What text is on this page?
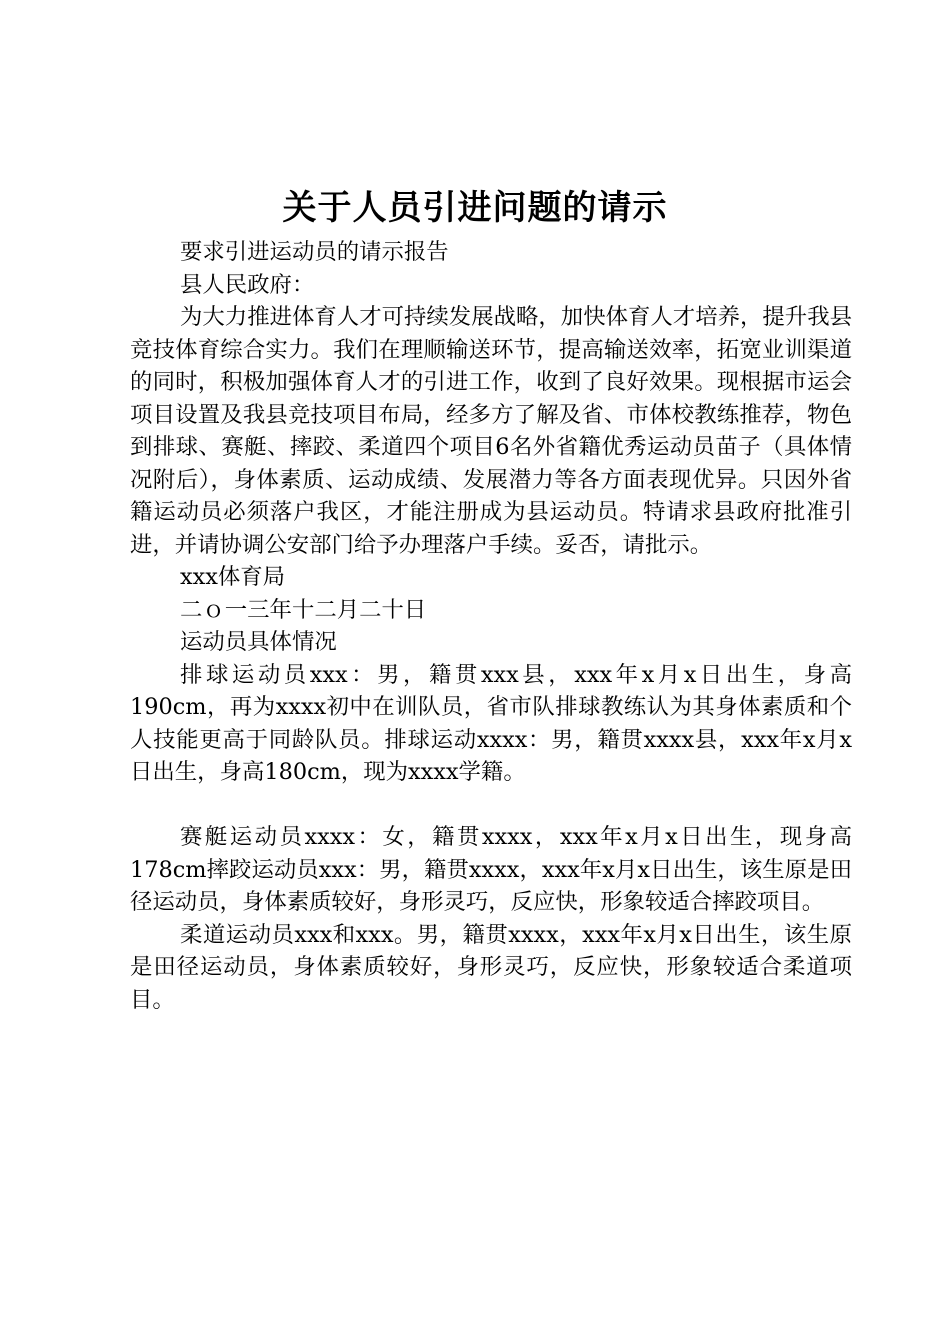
关于人员引进问题的请示

要求引进运动员的请示报告

县人民政府：

为大力推进体育人才可持续发展战略，加快体育人才培养，提升我县竞技体育综合实力。我们在理顺输送环节，提高输送效率，拓宽业训渠道的同时，积极加强体育人才的引进工作，收到了良好效果。现根据市运会项目设置及我县竞技项目布局，经多方了解及省、市体校教练推荐，物色到排球、赛艇、摔跤、柔道四个项目6名外省籍优秀运动员苗子（具体情况附后），身体素质、运动成绩、发展潜力等各方面表现优异。只因外省籍运动员必须落户我区，才能注册成为县运动员。特请求县政府批准引进，并请协调公安部门给予办理落户手续。妥否，请批示。

xxx体育局

二ｏ一三年十二月二十日

运动员具体情况

排球运动员xxx：男，籍贯xxx县，xxx年x月x日出生，身高190cm，再为xxxx初中在训队员，省市队排球教练认为其身体素质和个人技能更高于同龄队员。排球运动xxxx：男，籍贯xxxx县，xxx年x月x日出生，身高180cm，现为xxxx学籍。

赛艇运动员xxxx：女，籍贯xxxx，xxx年x月x日出生，现身高178cm摔跤运动员xxx：男，籍贯xxxx，xxx年x月x日出生，该生原是田径运动员，身体素质较好，身形灵巧，反应快，形象较适合摔跤项目。

柔道运动员xxx和xxx。男，籍贯xxxx，xxx年x月x日出生，该生原是田径运动员，身体素质较好，身形灵巧，反应快，形象较适合柔道项目。
